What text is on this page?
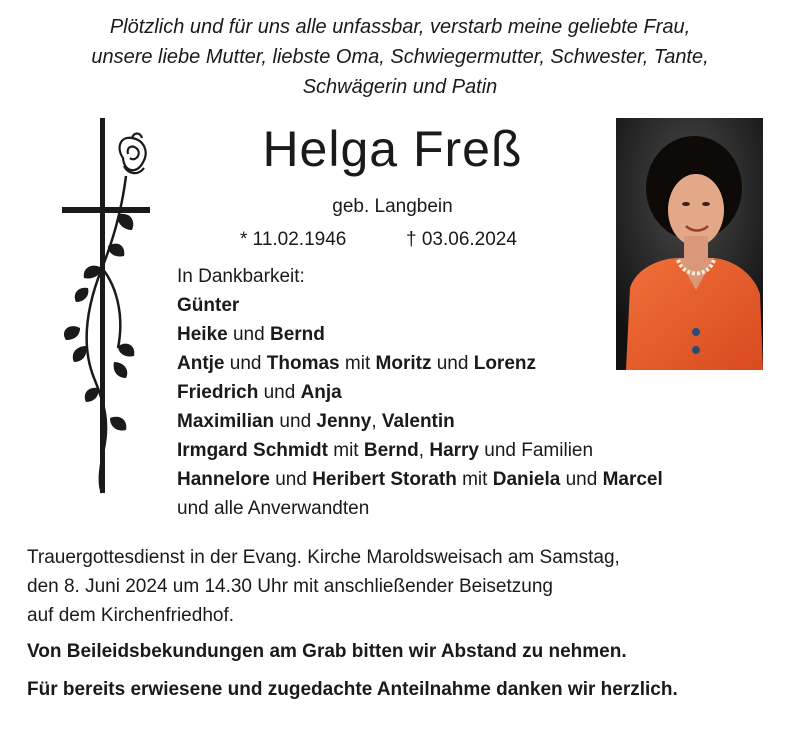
Plötzlich und für uns alle unfassbar, verstarb meine geliebte Frau,
unsere liebe Mutter, liebste Oma, Schwiegermutter, Schwester, Tante,
Schwägerin und Patin
Helga Freß
geb. Langbein
* 11.02.1946	† 03.06.2024
In Dankbarkeit:
Günter
Heike und Bernd
Antje und Thomas mit Moritz und Lorenz
Friedrich und Anja
Maximilian und Jenny, Valentin
Irmgard Schmidt mit Bernd, Harry und Familien
Hannelore und Heribert Storath mit Daniela und Marcel
und alle Anverwandten
Trauergottesdienst in der Evang. Kirche Maroldsweisach am Samstag,
den 8. Juni 2024 um 14.30 Uhr mit anschließender Beisetzung
auf dem Kirchenfriedhof.
Von Beileidsbekundungen am Grab bitten wir Abstand zu nehmen.
Für bereits erwiesene und zugedachte Anteilnahme danken wir herzlich.
